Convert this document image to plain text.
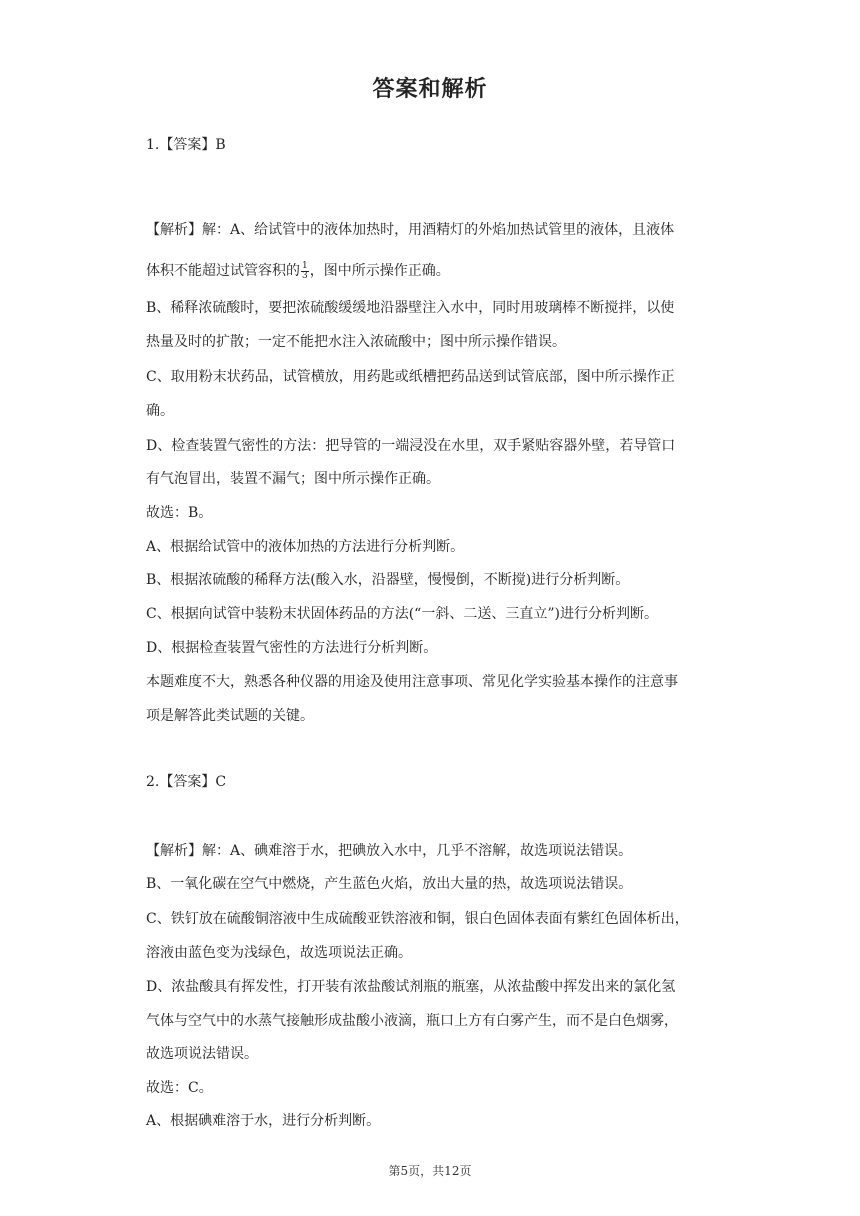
答案和解析
1.【答案】B
【解析】解：A、给试管中的液体加热时，用酒精灯的外焰加热试管里的液体，且液体
体积不能超过试管容积的 $\frac{1}{3}$ ，图中所示操作正确。
B、稀释浓硫酸时，要把浓硫酸缓缓地沿器壁注入水中，同时用玻璃棒不断搅拌，以使
热量及时的扩散；一定不能把水注入浓硫酸中；图中所示操作错误。
C、取用粉末状药品，试管横放，用药匙或纸槽把药品送到试管底部，图中所示操作正
确。
D、检查装置气密性的方法：把导管的一端浸没在水里，双手紧贴容器外壁，若导管口
有气泡冒出，装置不漏气；图中所示操作正确。
故选：B。
A、根据给试管中的液体加热的方法进行分析判断。
B、根据浓硫酸的稀释方法(酸入水，沿器壁，慢慢倒，不断搅)进行分析判断。
C、根据向试管中装粉末状固体药品的方法(“一斜、二送、三直立”)进行分析判断。
D、根据检查装置气密性的方法进行分析判断。
本题难度不大，熟悉各种仪器的用途及使用注意事项、常见化学实验基本操作的注意事
项是解答此类试题的关键。
2.【答案】C
【解析】解：A、碘难溶于水，把碘放入水中，几乎不溶解，故选项说法错误。
B、一氧化碳在空气中燃烧，产生蓝色火焰，放出大量的热，故选项说法错误。
C、铁钉放在硫酸铜溶液中生成硫酸亚铁溶液和铜，银白色固体表面有紫红色固体析出，
溶液由蓝色变为浅绿色，故选项说法正确。
D、浓盐酸具有挥发性，打开装有浓盐酸试剂瓶的瓶塞，从浓盐酸中挥发出来的氯化氢
气体与空气中的水蒸气接触形成盐酸小液滴，瓶口上方有白雾产生，而不是白色烟雾，
故选项说法错误。
故选：C。
A、根据碘难溶于水，进行分析判断。
第5页，共12页
